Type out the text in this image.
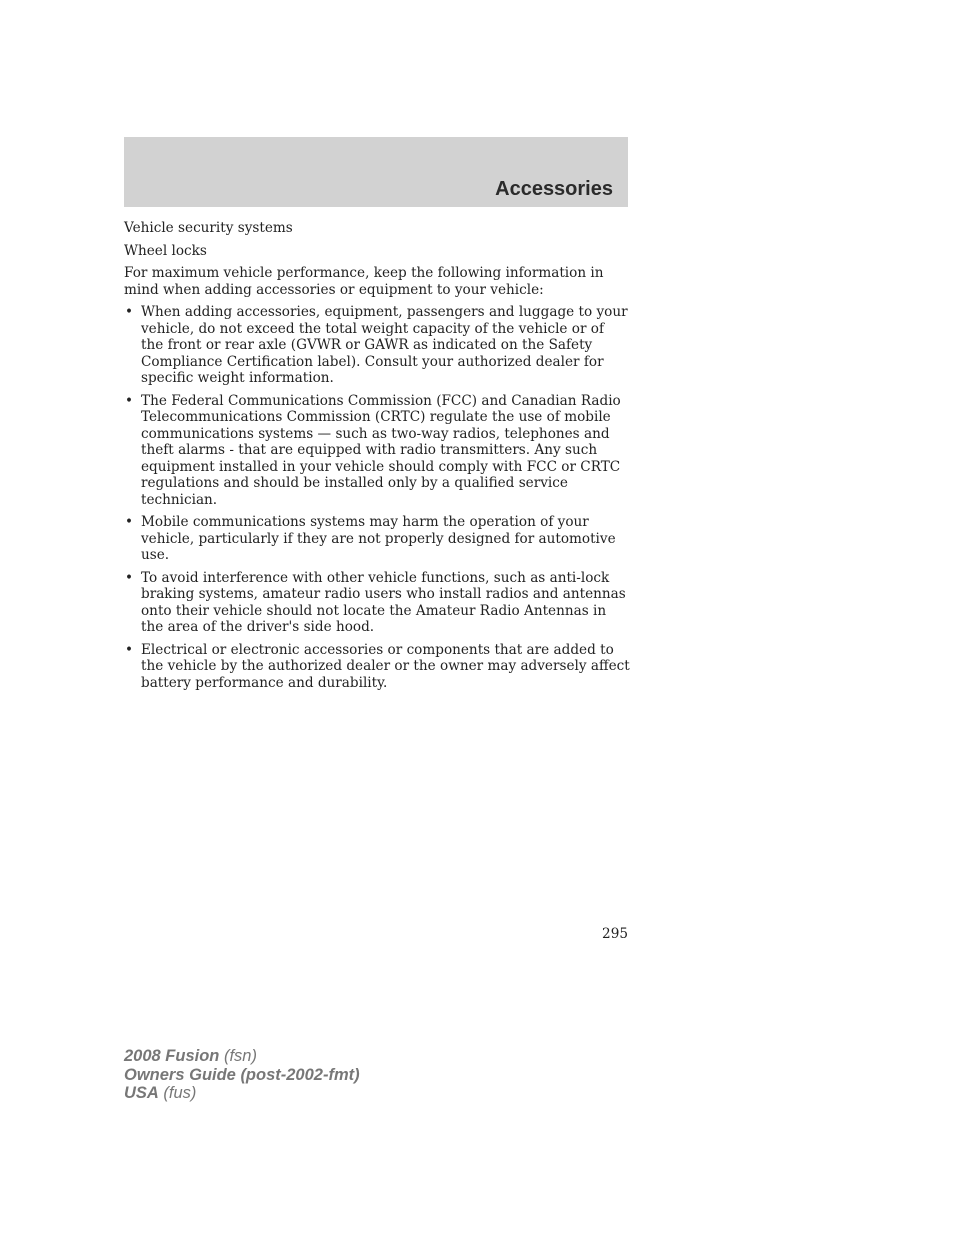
Accessories

Vehicle security systems

Wheel locks

For maximum vehicle performance, keep the following information in mind when adding accessories or equipment to your vehicle:

• When adding accessories, equipment, passengers and luggage to your vehicle, do not exceed the total weight capacity of the vehicle or of the front or rear axle (GVWR or GAWR as indicated on the Safety Compliance Certification label). Consult your authorized dealer for specific weight information.
• The Federal Communications Commission (FCC) and Canadian Radio Telecommunications Commission (CRTC) regulate the use of mobile communications systems — such as two-way radios, telephones and theft alarms - that are equipped with radio transmitters. Any such equipment installed in your vehicle should comply with FCC or CRTC regulations and should be installed only by a qualified service technician.
• Mobile communications systems may harm the operation of your vehicle, particularly if they are not properly designed for automotive use.
• To avoid interference with other vehicle functions, such as anti-lock braking systems, amateur radio users who install radios and antennas onto their vehicle should not locate the Amateur Radio Antennas in the area of the driver's side hood.
• Electrical or electronic accessories or components that are added to the vehicle by the authorized dealer or the owner may adversely affect battery performance and durability.
295
2008 Fusion (fsn)
Owners Guide (post-2002-fmt)
USA (fus)
